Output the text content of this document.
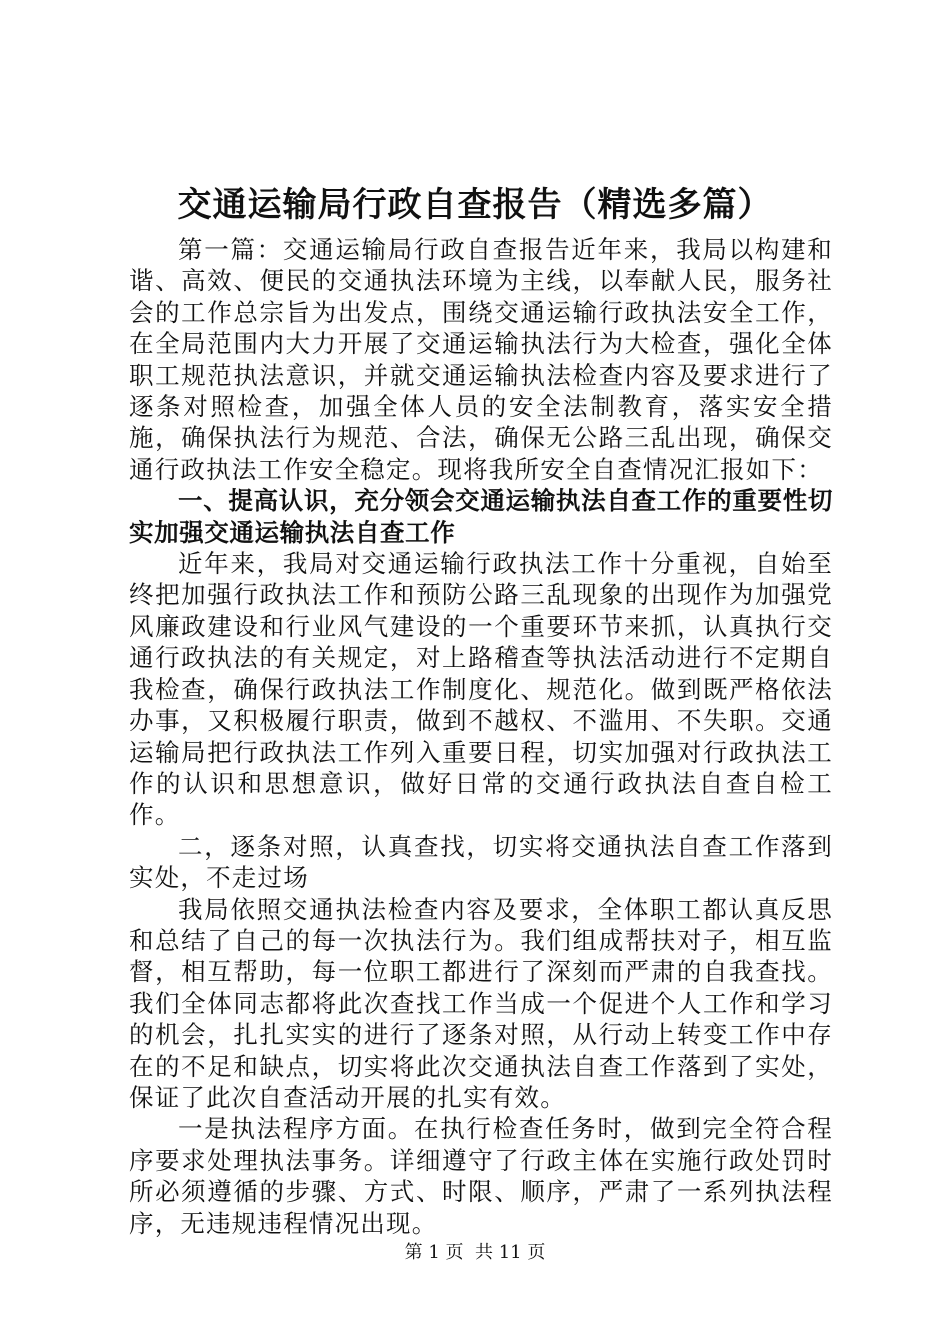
交通运输局行政自查报告（精选多篇）

第一篇：交通运输局行政自查报告近年来，我局以构建和谐、高效、便民的交通执法环境为主线，以奉献人民，服务社会的工作总宗旨为出发点，围绕交通运输行政执法安全工作，在全局范围内大力开展了交通运输执法行为大检查，强化全体职工规范执法意识，并就交通运输执法检查内容及要求进行了逐条对照检查，加强全体人员的安全法制教育，落实安全措施，确保执法行为规范、合法，确保无公路三乱出现，确保交通行政执法工作安全稳定。现将我所安全自查情况汇报如下：

一、提高认识，充分领会交通运输执法自查工作的重要性切实加强交通运输执法自查工作

近年来，我局对交通运输行政执法工作十分重视，自始至终把加强行政执法工作和预防公路三乱现象的出现作为加强党风廉政建设和行业风气建设的一个重要环节来抓，认真执行交通行政执法的有关规定，对上路稽查等执法活动进行不定期自我检查，确保行政执法工作制度化、规范化。做到既严格依法办事，又积极履行职责，做到不越权、不滥用、不失职。交通运输局把行政执法工作列入重要日程，切实加强对行政执法工作的认识和思想意识，做好日常的交通行政执法自查自检工作。

二，逐条对照，认真查找，切实将交通执法自查工作落到实处，不走过场

我局依照交通执法检查内容及要求，全体职工都认真反思和总结了自己的每一次执法行为。我们组成帮扶对子，相互监督，相互帮助，每一位职工都进行了深刻而严肃的自我查找。我们全体同志都将此次查找工作当成一个促进个人工作和学习的机会，扎扎实实的进行了逐条对照，从行动上转变工作中存在的不足和缺点，切实将此次交通执法自查工作落到了实处，保证了此次自查活动开展的扎实有效。

一是执法程序方面。在执行检查任务时，做到完全符合程序要求处理执法事务。详细遵守了行政主体在实施行政处罚时所必须遵循的步骤、方式、时限、顺序，严肃了一系列执法程序，无违规违程情况出现。

第 1 页  共 11 页
